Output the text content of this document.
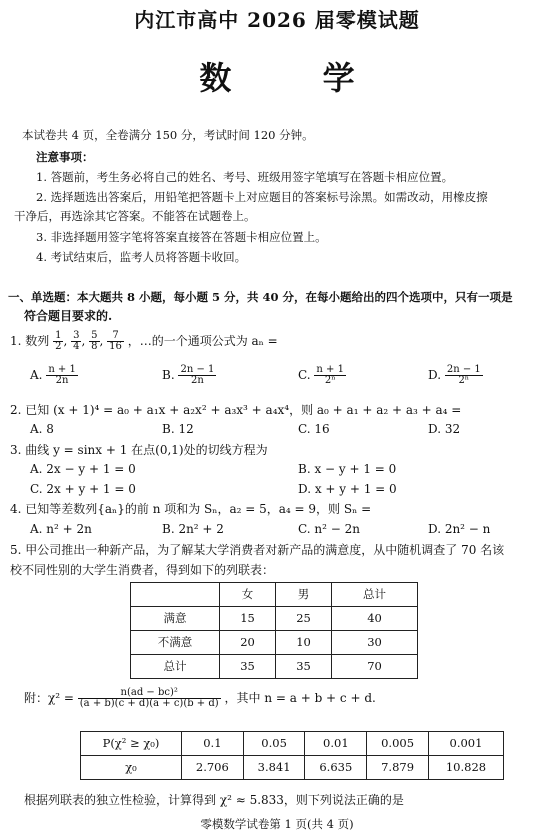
内江市高中 2026 届零模试题
数 学
本试卷共 4 页，全卷满分 150 分，考试时间 120 分钟。
注意事项：
1. 答题前，考生务必将自己的姓名、考号、班级用签字笔填写在答题卡相应位置。
2. 选择题选出答案后，用铅笔把答题卡上对应题目的答案标号涂黑。如需改动，用橡皮擦
干净后，再选涂其它答案。不能答在试题卷上。
3. 非选择题用签字笔将答案直接答在答题卡相应位置上。
4. 考试结束后，监考人员将答题卡收回。
一、单选题：本大题共 8 小题，每小题 5 分，共 40 分，在每小题给出的四个选项中，只有一项是
符合题目要求的.
1. 数列 $\frac{1}{2}$ , $\frac{3}{4}$ , $\frac{5}{8}$ , $\frac{7}{16}$ ，…的一个通项公式为 aₙ =
A. $\frac{n + 1}{2n}$	B. $\frac{2n - 1}{2n}$	C. $\frac{n + 1}{\text{2ⁿ}}$	D. $\frac{2n - 1}{\text{2ⁿ}}$
2. 已知 (x + 1)⁴ = a₀ + a₁x + a₂x² + a₃x³ + a₄x⁴，则 a₀ + a₁ + a₂ + a₃ + a₄ =
A. 8	B. 12	C. 16	D. 32
3. 曲线 y = sinx + 1 在点(0,1)处的切线方程为
A. 2x − y + 1 = 0	B. x − y + 1 = 0
C. 2x + y + 1 = 0	D. x + y + 1 = 0
4. 已知等差数列{aₙ}的前 n 项和为 Sₙ，a₂ = 5，a₄ = 9，则 Sₙ =
A. n² + 2n	B. 2n² + 2	C. n² − 2n	D. 2n² − n
5. 甲公司推出一种新产品，为了解某大学消费者对新产品的满意度，从中随机调查了 70 名该
校不同性别的大学生消费者，得到如下的列联表：
	女	男	总计
满意	15	25	40
不满意	20	10	30
总计	35	35	70
附：$\chi^2 = \frac{\text{n(ad − bc)²}}{(a + b)(c + d)(a + c)(b + d)}$ ，其中 n = a + b + c + d.
P(χ² ≥ χ₀)	0.1	0.05	0.01	0.005	0.001
χ₀	2.706	3.841	6.635	7.879	10.828
根据列联表的独立性检验，计算得到 χ² ≈ 5.833，则下列说法正确的是
零模数学试卷第 1 页(共 4 页)
